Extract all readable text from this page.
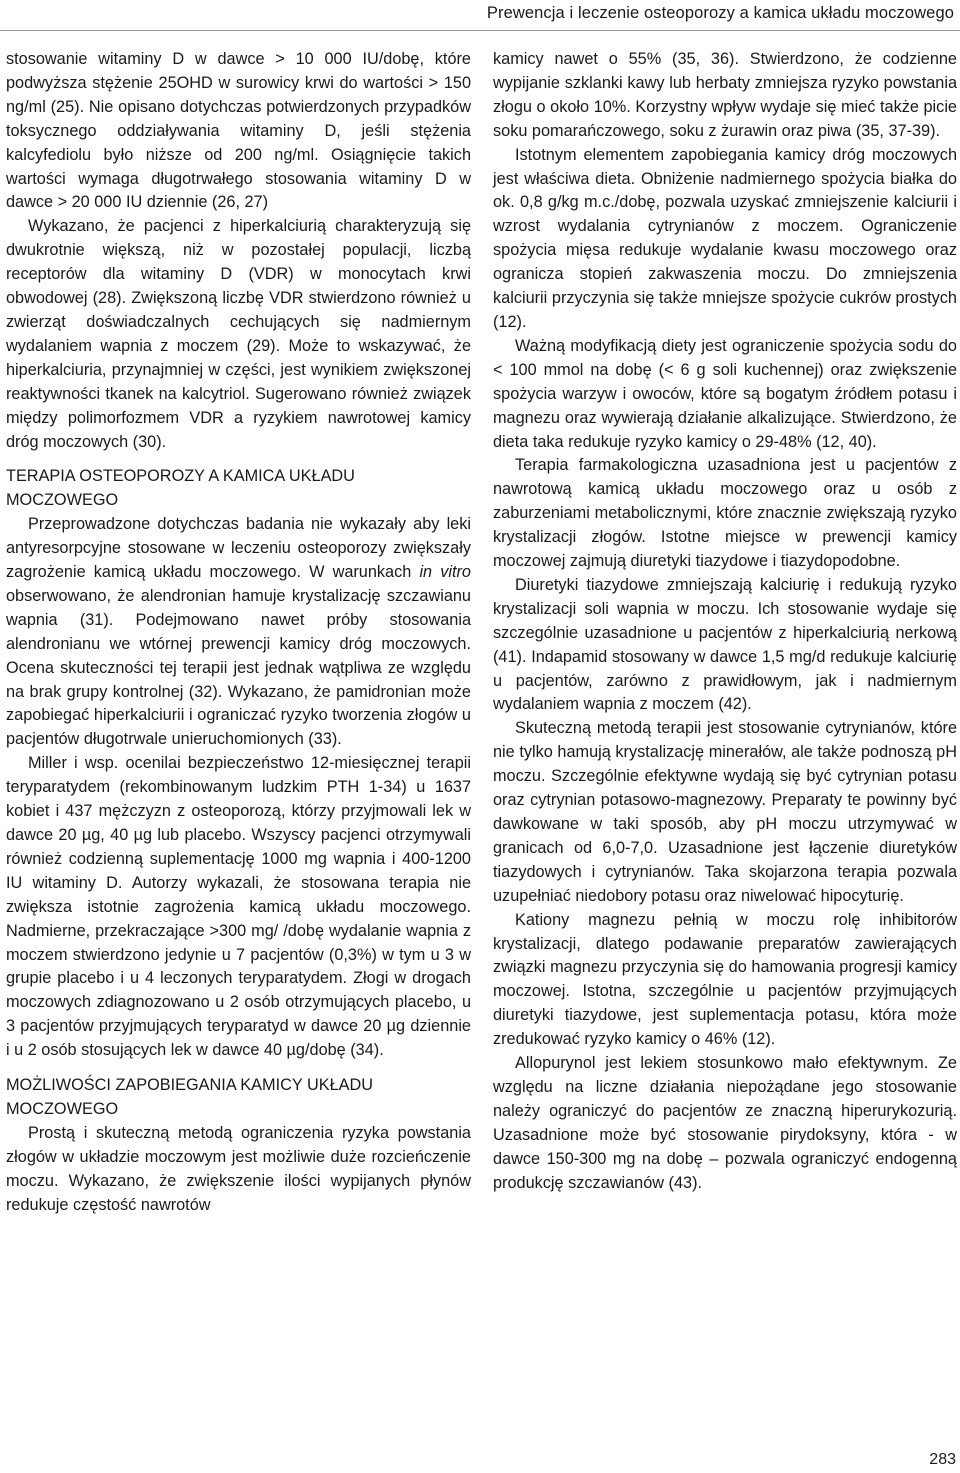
Prewencja i leczenie osteoporozy a kamica układu moczowego

stosowanie witaminy D w dawce > 10 000 IU/dobę, które podwyższa stężenie 25OHD w surowicy krwi do wartości > 150 ng/ml (25). Nie opisano dotychczas potwierdzonych przypadków toksycznego oddziaływania witaminy D, jeśli stężenia kalcyfediolu było niższe od 200 ng/ml. Osiągnięcie takich wartości wymaga długotrwałego stosowania witaminy D w dawce > 20 000 IU dziennie (26, 27)

Wykazano, że pacjenci z hiperkalciurią charakteryzują się dwukrotnie większą, niż w pozostałej populacji, liczbą receptorów dla witaminy D (VDR) w monocytach krwi obwodowej (28). Zwiększoną liczbę VDR stwierdzono również u zwierząt doświadczalnych cechujących się nadmiernym wydalaniem wapnia z moczem (29). Może to wskazywać, że hiperkalciuria, przynajmniej w części, jest wynikiem zwiększonej reaktywności tkanek na kalcytriol. Sugerowano również związek między polimorfozmem VDR a ryzykiem nawrotowej kamicy dróg moczowych (30).

TERAPIA OSTEOPOROZY A KAMICA UKŁADU MOCZOWEGO

Przeprowadzone dotychczas badania nie wykazały aby leki antyresorpcyjne stosowane w leczeniu osteoporozy zwiększały zagrożenie kamicą układu moczowego. W warunkach in vitro obserwowano, że alendronian hamuje krystalizację szczawianu wapnia (31). Podejmowano nawet próby stosowania alendronianu we wtórnej prewencji kamicy dróg moczowych. Ocena skuteczności tej terapii jest jednak wątpliwa ze względu na brak grupy kontrolnej (32). Wykazano, że pamidronian może zapobiegać hiperkalciurii i ograniczać ryzyko tworzenia złogów u pacjentów długotrwale unieruchomionych (33).

Miller i wsp. ocenilai bezpieczeństwo 12-miesięcznej terapii teryparatydem (rekombinowanym ludzkim PTH 1-34) u 1637 kobiet i 437 mężczyzn z osteoporozą, którzy przyjmowali lek w dawce 20 µg, 40 µg lub placebo. Wszyscy pacjenci otrzymywali również codzienną suplementację 1000 mg wapnia i 400-1200 IU witaminy D. Autorzy wykazali, że stosowana terapia nie zwiększa istotnie zagrożenia kamicą układu moczowego. Nadmierne, przekraczające >300 mg/ /dobę wydalanie wapnia z moczem stwierdzono jedynie u 7 pacjentów (0,3%) w tym u 3 w grupie placebo i u 4 leczonych teryparatydem. Złogi w drogach moczowych zdiagnozowano u 2 osób otrzymujących placebo, u 3 pacjentów przyjmujących teryparatyd w dawce 20 µg dziennie i u 2 osób stosujących lek w dawce 40 µg/dobę (34).

MOŻLIWOŚCI ZAPOBIEGANIA KAMICY UKŁADU MOCZOWEGO

Prostą i skuteczną metodą ograniczenia ryzyka powstania złogów w układzie moczowym jest możliwie duże rozcieńczenie moczu. Wykazano, że zwiększenie ilości wypijanych płynów redukuje częstość nawrotów

kamicy nawet o 55% (35, 36). Stwierdzono, że codzienne wypijanie szklanki kawy lub herbaty zmniejsza ryzyko powstania złogu o około 10%. Korzystny wpływ wydaje się mieć także picie soku pomarańczowego, soku z żurawin oraz piwa (35, 37-39).

Istotnym elementem zapobiegania kamicy dróg moczowych jest właściwa dieta. Obniżenie nadmiernego spożycia białka do ok. 0,8 g/kg m.c./dobę, pozwala uzyskać zmniejszenie kalciurii i wzrost wydalania cytrynianów z moczem. Ograniczenie spożycia mięsa redukuje wydalanie kwasu moczowego oraz ogranicza stopień zakwaszenia moczu. Do zmniejszenia kalciurii przyczynia się także mniejsze spożycie cukrów prostych (12).

Ważną modyfikacją diety jest ograniczenie spożycia sodu do < 100 mmol na dobę (< 6 g soli kuchennej) oraz zwiększenie spożycia warzyw i owoców, które są bogatym źródłem potasu i magnezu oraz wywierają działanie alkalizujące. Stwierdzono, że dieta taka redukuje ryzyko kamicy o 29-48% (12, 40).

Terapia farmakologiczna uzasadniona jest u pacjentów z nawrotową kamicą układu moczowego oraz u osób z zaburzeniami metabolicznymi, które znacznie zwiększają ryzyko krystalizacji złogów. Istotne miejsce w prewencji kamicy moczowej zajmują diuretyki tiazydowe i tiazydopodobne.

Diuretyki tiazydowe zmniejszają kalciurię i redukują ryzyko krystalizacji soli wapnia w moczu. Ich stosowanie wydaje się szczególnie uzasadnione u pacjentów z hiperkalciurią nerkową (41). Indapamid stosowany w dawce 1,5 mg/d redukuje kalciurię u pacjentów, zarówno z prawidłowym, jak i nadmiernym wydalaniem wapnia z moczem (42).

Skuteczną metodą terapii jest stosowanie cytrynianów, które nie tylko hamują krystalizację minerałów, ale także podnoszą pH moczu. Szczególnie efektywne wydają się być cytrynian potasu oraz cytrynian potasowo-magnezowy. Preparaty te powinny być dawkowane w taki sposób, aby pH moczu utrzymywać w granicach od 6,0-7,0. Uzasadnione jest łączenie diuretyków tiazydowych i cytrynianów. Taka skojarzona terapia pozwala uzupełniać niedobory potasu oraz niwelować hipocyturię.

Kationy magnezu pełnią w moczu rolę inhibitorów krystalizacji, dlatego podawanie preparatów zawierających związki magnezu przyczynia się do hamowania progresji kamicy moczowej. Istotna, szczególnie u pacjentów przyjmujących diuretyki tiazydowe, jest suplementacja potasu, która może zredukować ryzyko kamicy o 46% (12).

Allopurynol jest lekiem stosunkowo mało efektywnym. Ze względu na liczne działania niepożądane jego stosowanie należy ograniczyć do pacjentów ze znaczną hiperurykozurią. Uzasadnione może być stosowanie pirydoksyny, która - w dawce 150-300 mg na dobę – pozwala ograniczyć endogenną produkcję szczawianów (43).

283
